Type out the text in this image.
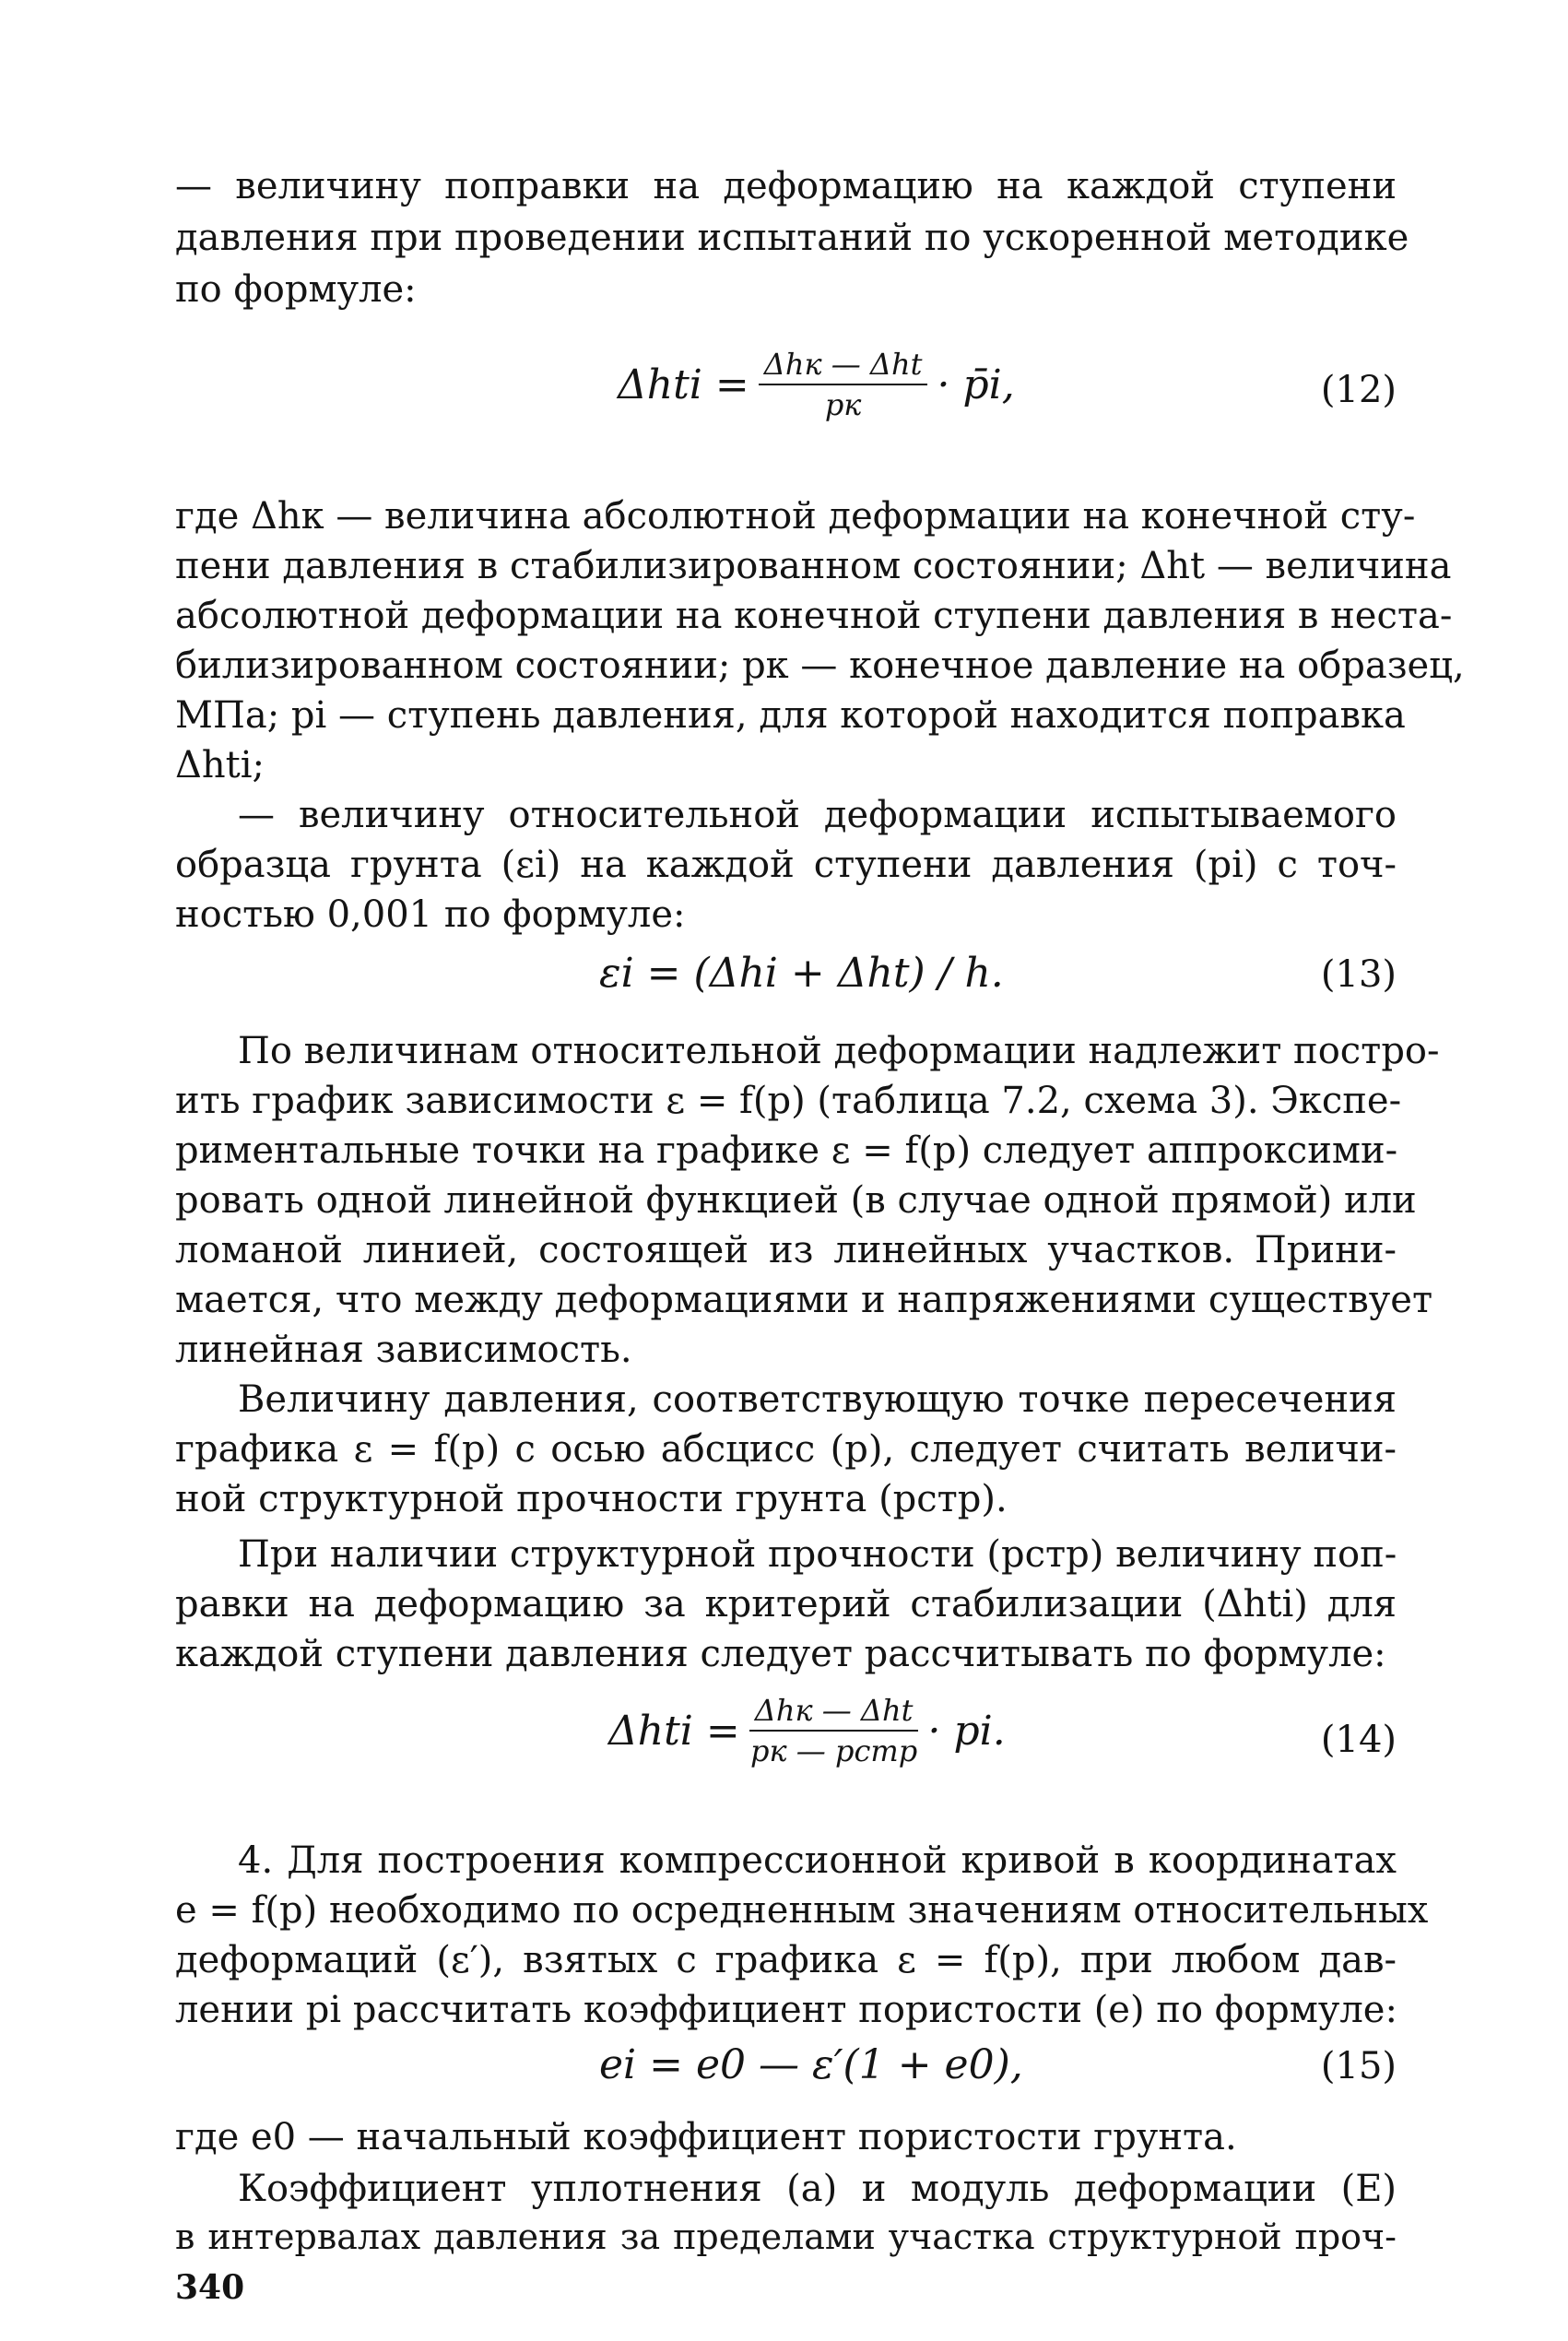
— величину поправки на деформацию на каждой ступени
давления при проведении испытаний по ускоренной методике
по формуле:
$\Delta hti = \frac{\text{Δhк — Δht}}{pк}$ · p̄i,	(12)
где Δhк — величина абсолютной деформации на конечной сту-
пени давления в стабилизированном состоянии; Δht — величина
абсолютной деформации на конечной ступени давления в неста-
билизированном состоянии; pк — конечное давление на образец,
МПа; pi — ступень давления, для которой находится поправка
Δhti;
— величину относительной деформации испытываемого
образца грунта (εi) на каждой ступени давления (pi) с точ-
ностью 0,001 по формуле:
εi = (Δhi + Δht) / h.	(13)
По величинам относительной деформации надлежит постро-
ить график зависимости ε = f(p) (таблица 7.2, схема 3). Экспе-
риментальные точки на графике ε = f(p) следует аппроксими-
ровать одной линейной функцией (в случае одной прямой) или
ломаной линией, состоящей из линейных участков. Прини-
мается, что между деформациями и напряжениями существует
линейная зависимость.
Величину давления, соответствующую точке пересечения
графика ε = f(p) с осью абсцисс (p), следует считать величи-
ной структурной прочности грунта (pстр).
При наличии структурной прочности (pстр) величину поп-
равки на деформацию за критерий стабилизации (Δhti) для
каждой ступени давления следует рассчитывать по формуле:
$\Delta hti = \frac{\text{Δhк — Δht}}{\text{pк — pстр}}$ · pi.	(14)
4. Для построения компрессионной кривой в координатах
e = f(p) необходимо по осредненным значениям относительных
деформаций (ε′), взятых с графика ε = f(p), при любом дав-
лении pi рассчитать коэффициент пористости (e) по формуле:
ei = e0 — ε′(1 + e0),	(15)
где e0 — начальный коэффициент пористости грунта.
Коэффициент уплотнения (a) и модуль деформации (E)
в интервалах давления за пределами участка структурной проч-
340
